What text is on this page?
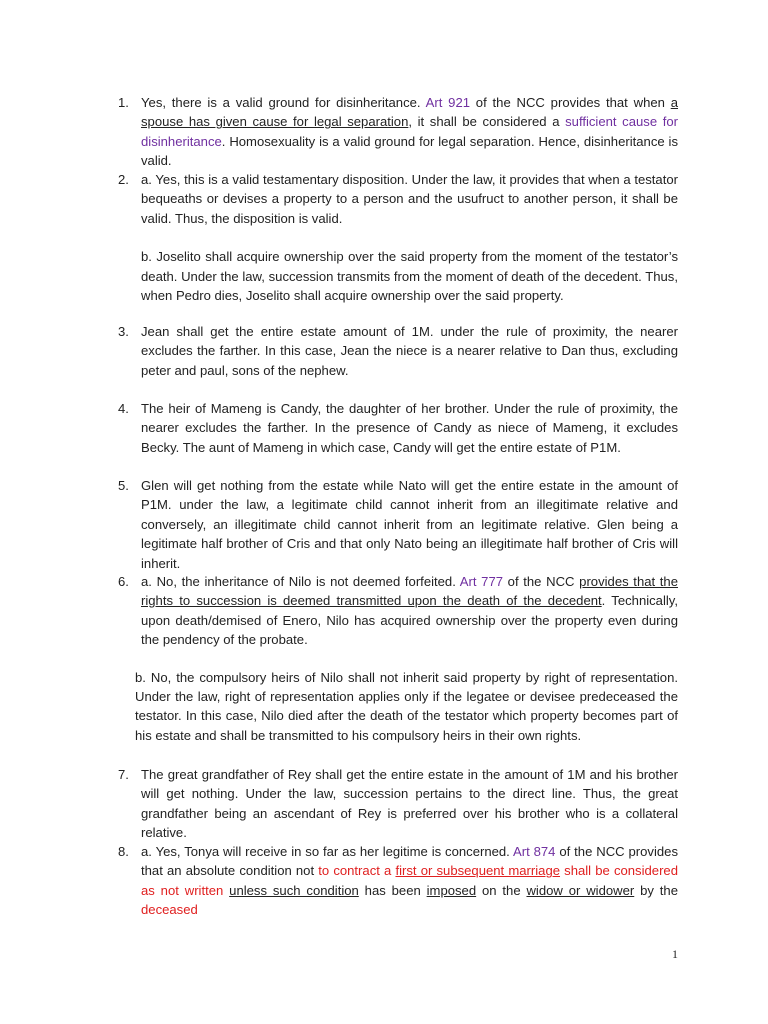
1. Yes, there is a valid ground for disinheritance. Art 921 of the NCC provides that when a spouse has given cause for legal separation, it shall be considered a sufficient cause for disinheritance. Homosexuality is a valid ground for legal separation. Hence, disinheritance is valid.

2. a. Yes, this is a valid testamentary disposition. Under the law, it provides that when a testator bequeaths or devises a property to a person and the usufruct to another person, it shall be valid. Thus, the disposition is valid.

b. Joselito shall acquire ownership over the said property from the moment of the testator’s death. Under the law, succession transmits from the moment of death of the decedent. Thus, when Pedro dies, Joselito shall acquire ownership over the said property.

3. Jean shall get the entire estate amount of 1M. under the rule of proximity, the nearer excludes the farther. In this case, Jean the niece is a nearer relative to Dan thus, excluding peter and paul, sons of the nephew.

4. The heir of Mameng is Candy, the daughter of her brother. Under the rule of proximity, the nearer excludes the farther. In the presence of Candy as niece of Mameng, it excludes Becky. The aunt of Mameng in which case, Candy will get the entire estate of P1M.

5. Glen will get nothing from the estate while Nato will get the entire estate in the amount of P1M. under the law, a legitimate child cannot inherit from an illegitimate relative and conversely, an illegitimate child cannot inherit from an legitimate relative. Glen being a legitimate half brother of Cris and that only Nato being an illegitimate half brother of Cris will inherit.

6. a. No, the inheritance of Nilo is not deemed forfeited. Art 777 of the NCC provides that the rights to succession is deemed transmitted upon the death of the decedent. Technically, upon death/demised of Enero, Nilo has acquired ownership over the property even during the pendency of the probate.

b. No, the compulsory heirs of Nilo shall not inherit said property by right of representation. Under the law, right of representation applies only if the legatee or devisee predeceased the testator. In this case, Nilo died after the death of the testator which property becomes part of his estate and shall be transmitted to his compulsory heirs in their own rights.

7. The great grandfather of Rey shall get the entire estate in the amount of 1M and his brother will get nothing. Under the law, succession pertains to the direct line. Thus, the great grandfather being an ascendant of Rey is preferred over his brother who is a collateral relative.

8. a. Yes, Tonya will receive in so far as her legitime is concerned. Art 874 of the NCC provides that an absolute condition not to contract a first or subsequent marriage shall be considered as not written unless such condition has been imposed on the widow or widower by the deceased

1
